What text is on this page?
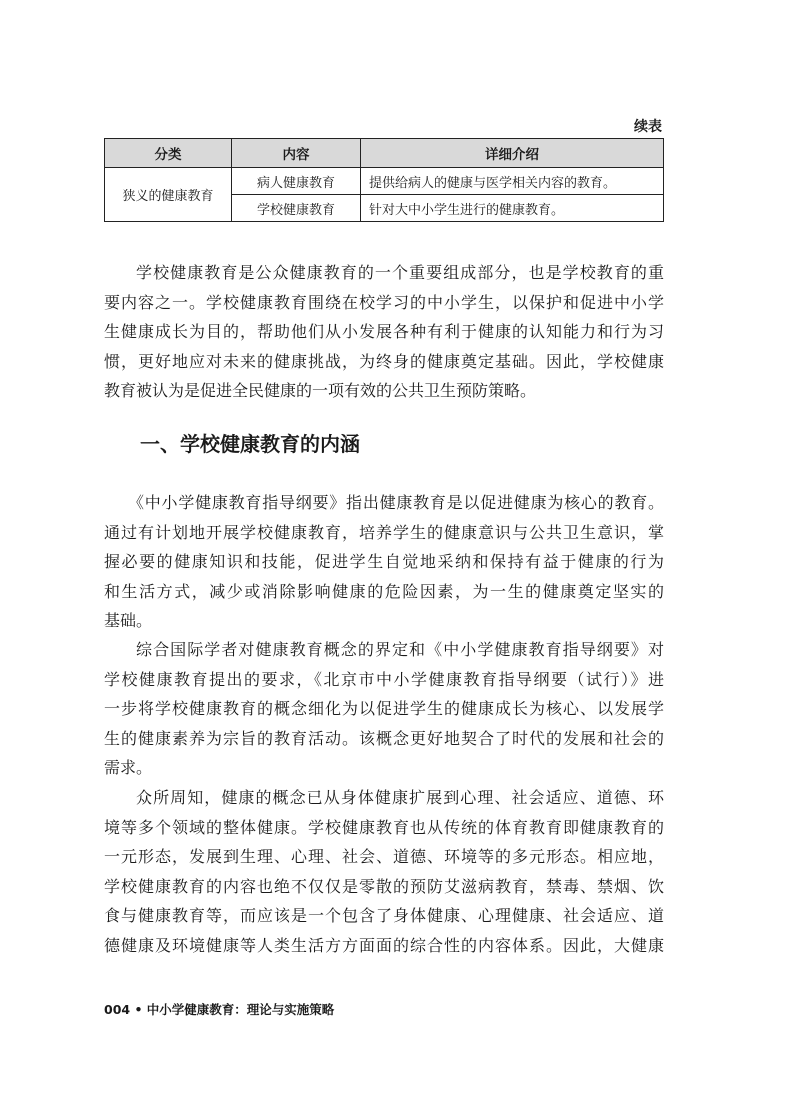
续表
分类	内容	详细介绍
狭义的健康教育	病人健康教育	提供给病人的健康与医学相关内容的教育。
	学校健康教育	针对大中小学生进行的健康教育。
学校健康教育是公众健康教育的一个重要组成部分，也是学校教育的重
要内容之一。学校健康教育围绕在校学习的中小学生，以保护和促进中小学
生健康成长为目的，帮助他们从小发展各种有利于健康的认知能力和行为习
惯，更好地应对未来的健康挑战，为终身的健康奠定基础。因此，学校健康
教育被认为是促进全民健康的一项有效的公共卫生预防策略。
一、学校健康教育的内涵
《中小学健康教育指导纲要》指出健康教育是以促进健康为核心的教育。
通过有计划地开展学校健康教育，培养学生的健康意识与公共卫生意识，掌
握必要的健康知识和技能，促进学生自觉地采纳和保持有益于健康的行为
和生活方式，减少或消除影响健康的危险因素，为一生的健康奠定坚实的
基础。
综合国际学者对健康教育概念的界定和《中小学健康教育指导纲要》对
学校健康教育提出的要求，《北京市中小学健康教育指导纲要（试行）》进
一步将学校健康教育的概念细化为以促进学生的健康成长为核心、以发展学
生的健康素养为宗旨的教育活动。该概念更好地契合了时代的发展和社会的
需求。
众所周知，健康的概念已从身体健康扩展到心理、社会适应、道德、环
境等多个领域的整体健康。学校健康教育也从传统的体育教育即健康教育的
一元形态，发展到生理、心理、社会、道德、环境等的多元形态。相应地，
学校健康教育的内容也绝不仅仅是零散的预防艾滋病教育，禁毒、禁烟、饮
食与健康教育等，而应该是一个包含了身体健康、心理健康、社会适应、道
德健康及环境健康等人类生活方方面面的综合性的内容体系。因此，大健康
004 • 中小学健康教育：理论与实施策略
